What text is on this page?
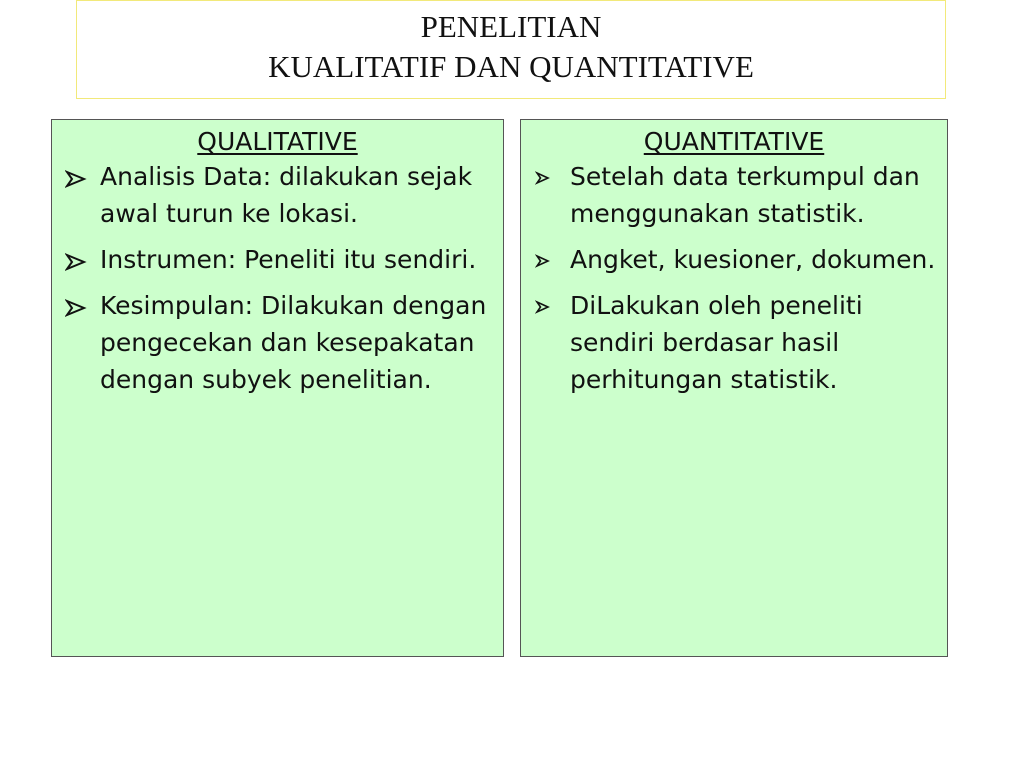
PENELITIAN
KUALITATIF DAN QUANTITATIVE
QUALITATIVE
Analisis Data: dilakukan sejak awal turun ke lokasi.
Instrumen: Peneliti itu sendiri.
Kesimpulan: Dilakukan dengan pengecekan dan kesepakatan dengan subyek penelitian.
QUANTITATIVE
Setelah data terkumpul dan menggunakan statistik.
Angket, kuesioner, dokumen.
DiLakukan oleh peneliti sendiri berdasar hasil perhitungan statistik.
